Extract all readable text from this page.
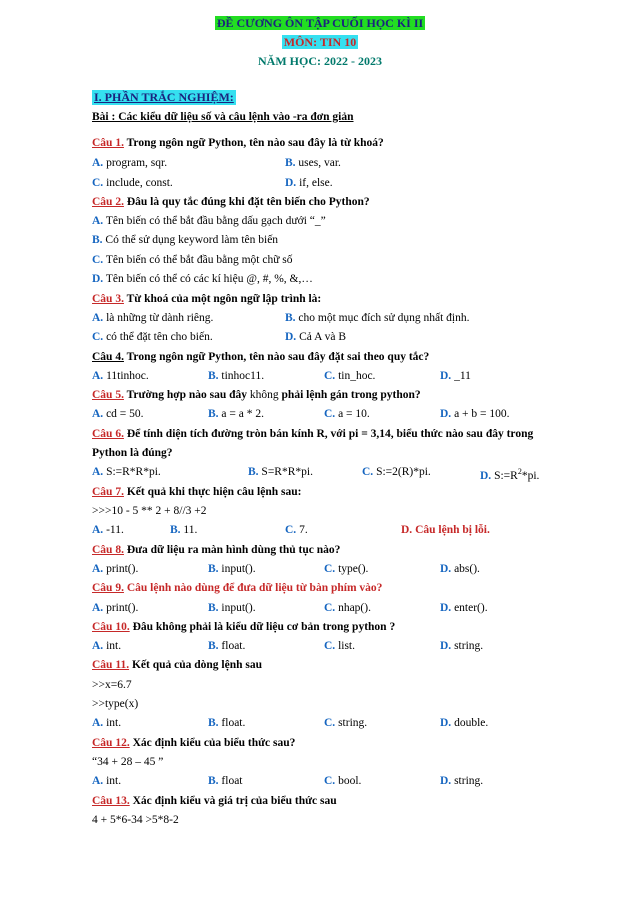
ĐỀ CƯƠNG ÔN TẬP CUỐI HỌC KÌ II
MÔN: TIN 10
NĂM HỌC: 2022 - 2023
I. PHẦN TRẮC NGHIỆM:
Bài : Các kiểu dữ liệu số và câu lệnh vào -ra đơn giản
Câu 1. Trong ngôn ngữ Python, tên nào sau đây là từ khoá?
A. program, sqr.	B. uses, var.
C. include, const.	D. if, else.
Câu 2. Đâu là quy tắc đúng khi đặt tên biến cho Python?
A. Tên biến có thể bắt đầu bằng dấu gạch dưới “_”
B. Có thể sử dụng keyword làm tên biến
C. Tên biến có thể bắt đầu bằng một chữ số
D. Tên biến có thể có các kí hiệu @, #, %, &,…
Câu 3. Từ khoá của một ngôn ngữ lập trình là:
A. là những từ dành riêng.	B. cho một mục đích sử dụng nhất định.
C. có thể đặt tên cho biến.	D. Cả A và B
Câu 4. Trong ngôn ngữ Python, tên nào sau đây đặt sai theo quy tắc?
A. 11tinhoc.	B. tinhoc11.	C. tin_hoc.	D. _11
Câu 5. Trường hợp nào sau đây không phải lệnh gán trong python?
A. cd = 50.	B. a = a * 2.	C. a = 10.	D. a + b = 100.
Câu 6. Để tính diện tích đường tròn bán kính R, với pi = 3,14, biểu thức nào sau đây trong
Python là đúng?
A. S:=R*R*pi.	B. S=R*R*pi.	C. S:=2(R)*pi.	D. $S:=R^2*pi$.
Câu 7. Kết quả khi thực hiện câu lệnh sau:
>>>10 - 5 ** 2 + 8//3 +2
A. -11.	B. 11.	C. 7.	D. Câu lệnh bị lỗi.
Câu 8. Đưa dữ liệu ra màn hình dùng thủ tục nào?
A. print().	B. input().	C. type().	D. abs().
Câu 9. Câu lệnh nào dùng để đưa dữ liệu từ bàn phím vào?
A. print().	B. input().	C. nhap().	D. enter().
Câu 10. Đâu không phải là kiểu dữ liệu cơ bản trong python ?
A. int.	B. float.	C. list.	D. string.
Câu 11. Kết quả của dòng lệnh sau
>>x=6.7
>>type(x)
A. int.	B. float.	C. string.	D. double.
Câu 12. Xác định kiểu của biểu thức sau?
“34 + 28 – 45 ”
A. int.	B. float	C. bool.	D. string.
Câu 13. Xác định kiểu và giá trị của biểu thức sau
4 + 5*6-34 >5*8-2
